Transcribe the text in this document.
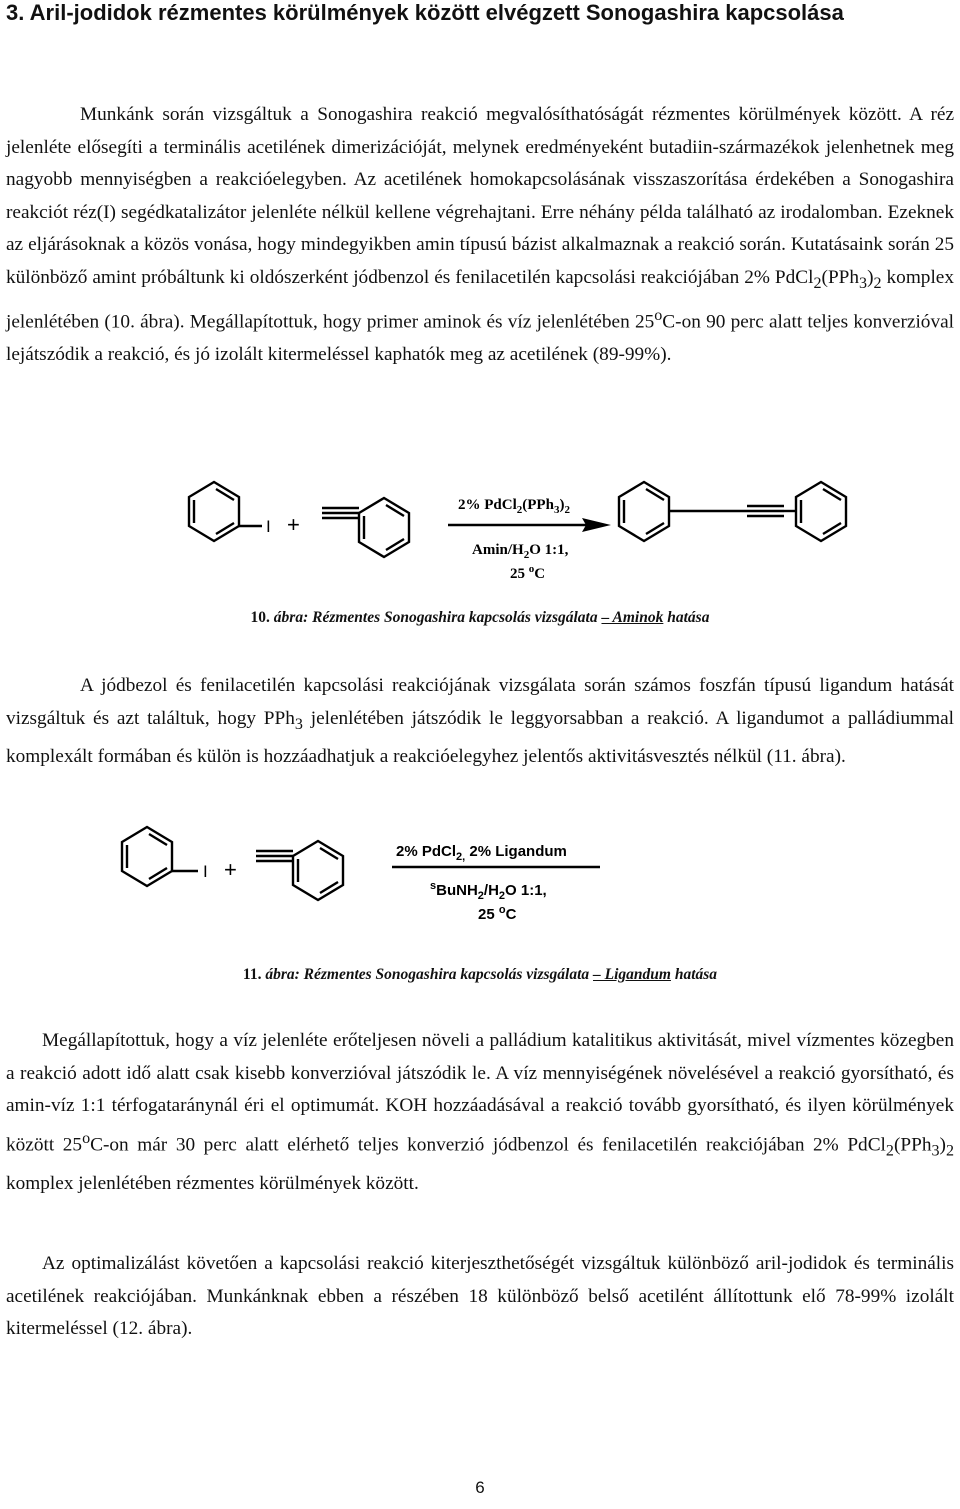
3. Aril-jodidok rézmentes körülmények között elvégzett Sonogashira kapcsolása
Munkánk során vizsgáltuk a Sonogashira reakció megvalósíthatóságát rézmentes körülmények között. A réz jelenléte elősegíti a terminális acetilének dimerizációját, melynek eredményeként butadiin-származékok jelenhetnek meg nagyobb mennyiségben a reakcióelegyben. Az acetilének homokapcsolásának visszaszorítása érdekében a Sonogashira reakciót réz(I) segédkatalizátor jelenléte nélkül kellene végrehajtani. Erre néhány példa található az irodalomban. Ezeknek az eljárásoknak a közös vonása, hogy mindegyikben amin típusú bázist alkalmaznak a reakció során. Kutatásaink során 25 különböző amint próbáltunk ki oldószerként jódbenzol és fenilacetilén kapcsolási reakciójában 2% $PdCl_2(PPh_3)_2$ komplex jelenlétében (10. ábra). Megállapítottuk, hogy primer aminok és víz jelenlétében 25$^o$C-on 90 perc alatt teljes konverzióval lejátszódik a reakció, és jó izolált kitermeléssel kaphatók meg az acetilének (89-99%).
I +
2% $PdCl_2(PPh_3)_2$
Amin/$H_2O$ 1:1,
25 $^o$C
10. ábra: Rézmentes Sonogashira kapcsolás vizsgálata – Aminok hatása
A jódbezol és fenilacetilén kapcsolási reakciójának vizsgálata során számos foszfán típusú ligandum hatását vizsgáltuk és azt találtuk, hogy PPh$_3$ jelenlétében játszódik le leggyorsabban a reakció. A ligandumot a palládiummal komplexált formában és külön is hozzáadhatjuk a reakcióelegyhez jelentős aktivitásvesztés nélkül (11. ábra).
I +
2% PdCl$_{2,}$ 2% Ligandum
$^sBuNH_2/H_2O$ 1:1,
25 $^o$C
11. ábra: Rézmentes Sonogashira kapcsolás vizsgálata – Ligandum hatása
Megállapítottuk, hogy a víz jelenléte erőteljesen növeli a palládium katalitikus aktivitását, mivel vízmentes közegben a reakció adott idő alatt csak kisebb konverzióval játszódik le. A víz mennyiségének növelésével a reakció gyorsítható, és amin-víz 1:1 térfogataránynál éri el optimumát. KOH hozzáadásával a reakció tovább gyorsítható, és ilyen körülmények között 25$^o$C-on már 30 perc alatt elérhető teljes konverzió jódbenzol és fenilacetilén reakciójában 2% $PdCl_2(PPh_3)_2$ komplex jelenlétében rézmentes körülmények között.
Az optimalizálást követően a kapcsolási reakció kiterjeszthetőségét vizsgáltuk különböző aril-jodidok és terminális acetilének reakciójában. Munkánknak ebben a részében 18 különböző belső acetilént állítottunk elő 78-99% izolált kitermeléssel (12. ábra).
6
